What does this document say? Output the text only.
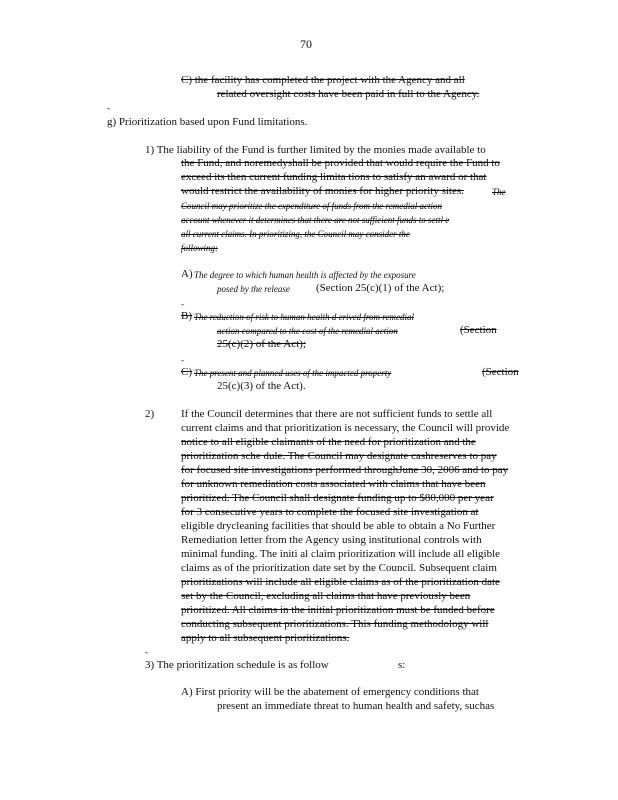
70
C) the facility has completed the project with the Agency and all
related oversight costs have been paid in full to the Agency.
-
g) Prioritization based upon Fund limitations.
1) The liability of the Fund is further limited by the monies made available to
the Fund, and noremedyshall be provided that would require the Fund to
exceed its then current funding limita tions to satisfy an award or that
would restrict the availability of monies for higher priority sites.	The
Council may prioritize the expenditure of funds from the remedial action
account whenever it determines that there are not sufficient funds to settl e
all current claims. In prioritizing, the Council may consider the
following:
A) The degree to which human health is affected by the exposure
posed by the release (Section 25(c)(1) of the Act);
-
B) The reduction of risk to human health d erived from remedial
action compared to the cost of the remedial action	(Section
25(c)(2) of the Act);
-
C) The present and planned uses of the impacted property	(Section
25(c)(3) of the Act).
2) If the Council determines that there are not sufficient funds to settle all
current claims and that prioritization is necessary, the Council will provide
notice to all eligible claimants of the need for prioritization and the
prioritization sche dule. The Council may designate cashreserves to pay
for focused site investigations performed throughJune 30, 2006 and to pay
for unknown remediation costs associated with claims that have been
prioritized. The Council shall designate funding up to $80,000 per year
for 3 consecutive years to complete the focused site investigation at
eligible drycleaning facilities that should be able to obtain a No Further
Remediation letter from the Agency using institutional controls with
minimal funding. The initi al claim prioritization will include all eligible
claims as of the prioritization date set by the Council. Subsequent claim
prioritizations will include all eligible claims as of the prioritization date
set by the Council, excluding all claims that have previously been
prioritized. All claims in the initial prioritization must be funded before
conducting subsequent prioritizations. This funding methodology will
apply to all subsequent prioritizations.
-
3) The prioritization schedule is as follow	s:
A) First priority will be the abatement of emergency conditions that
present an immediate threat to human health and safety, suchas
